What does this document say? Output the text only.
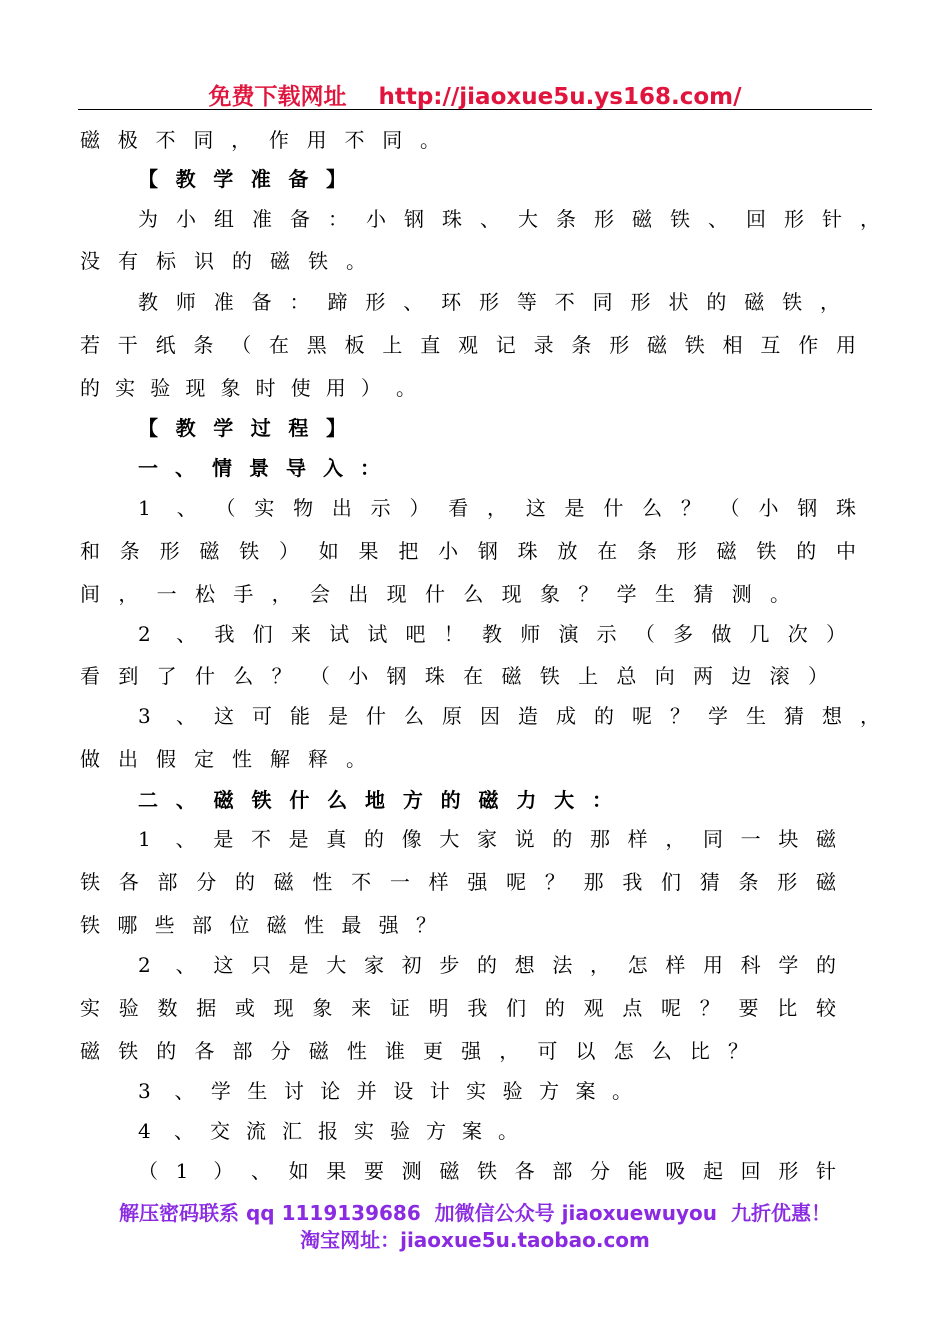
免费下载网址    http://jiaoxue5u.ys168.com/
磁 极 不 同 ， 作 用 不 同 。
【 教 学 准 备 】
为 小 组 准 备 ： 小 钢 珠 、 大 条 形 磁 铁 、 回 形 针 ，
没 有 标 识 的 磁 铁 。
教 师 准 备 ： 蹄 形 、 环 形 等 不 同 形 状 的 磁 铁 ，
若 干 纸 条 （ 在 黑 板 上 直 观 记 录 条 形 磁 铁 相 互 作 用
的 实 验 现 象 时 使 用 ） 。
【 教 学 过 程 】
一 、 情 景 导 入 ：
1 、 （ 实 物 出 示 ） 看 ， 这 是 什 么 ？ （ 小 钢 珠
和 条 形 磁 铁 ） 如 果 把 小 钢 珠 放 在 条 形 磁 铁 的 中
间 ， 一 松 手 ， 会 出 现 什 么 现 象 ？ 学 生 猜 测 。
2 、 我 们 来 试 试 吧 ！ 教 师 演 示 （ 多 做 几 次 ）
看 到 了 什 么 ？ （ 小 钢 珠 在 磁 铁 上 总 向 两 边 滚 ）
3 、 这 可 能 是 什 么 原 因 造 成 的 呢 ？ 学 生 猜 想 ，
做 出 假 定 性 解 释 。
二 、 磁 铁 什 么 地 方 的 磁 力 大 ：
1 、 是 不 是 真 的 像 大 家 说 的 那 样 ， 同 一 块 磁
铁 各 部 分 的 磁 性 不 一 样 强 呢 ？ 那 我 们 猜 条 形 磁
铁 哪 些 部 位 磁 性 最 强 ？
2 、 这 只 是 大 家 初 步 的 想 法 ， 怎 样 用 科 学 的
实 验 数 据 或 现 象 来 证 明 我 们 的 观 点 呢 ？ 要 比 较
磁 铁 的 各 部 分 磁 性 谁 更 强 ， 可 以 怎 么 比 ？
3 、 学 生 讨 论 并 设 计 实 验 方 案 。
4 、 交 流 汇 报 实 验 方 案 。
（ 1 ） 、 如 果 要 测 磁 铁 各 部 分 能 吸 起 回 形 针
解压密码联系 qq 1119139686  加微信公众号 jiaoxuewuyou  九折优惠！
淘宝网址：jiaoxue5u.taobao.com
